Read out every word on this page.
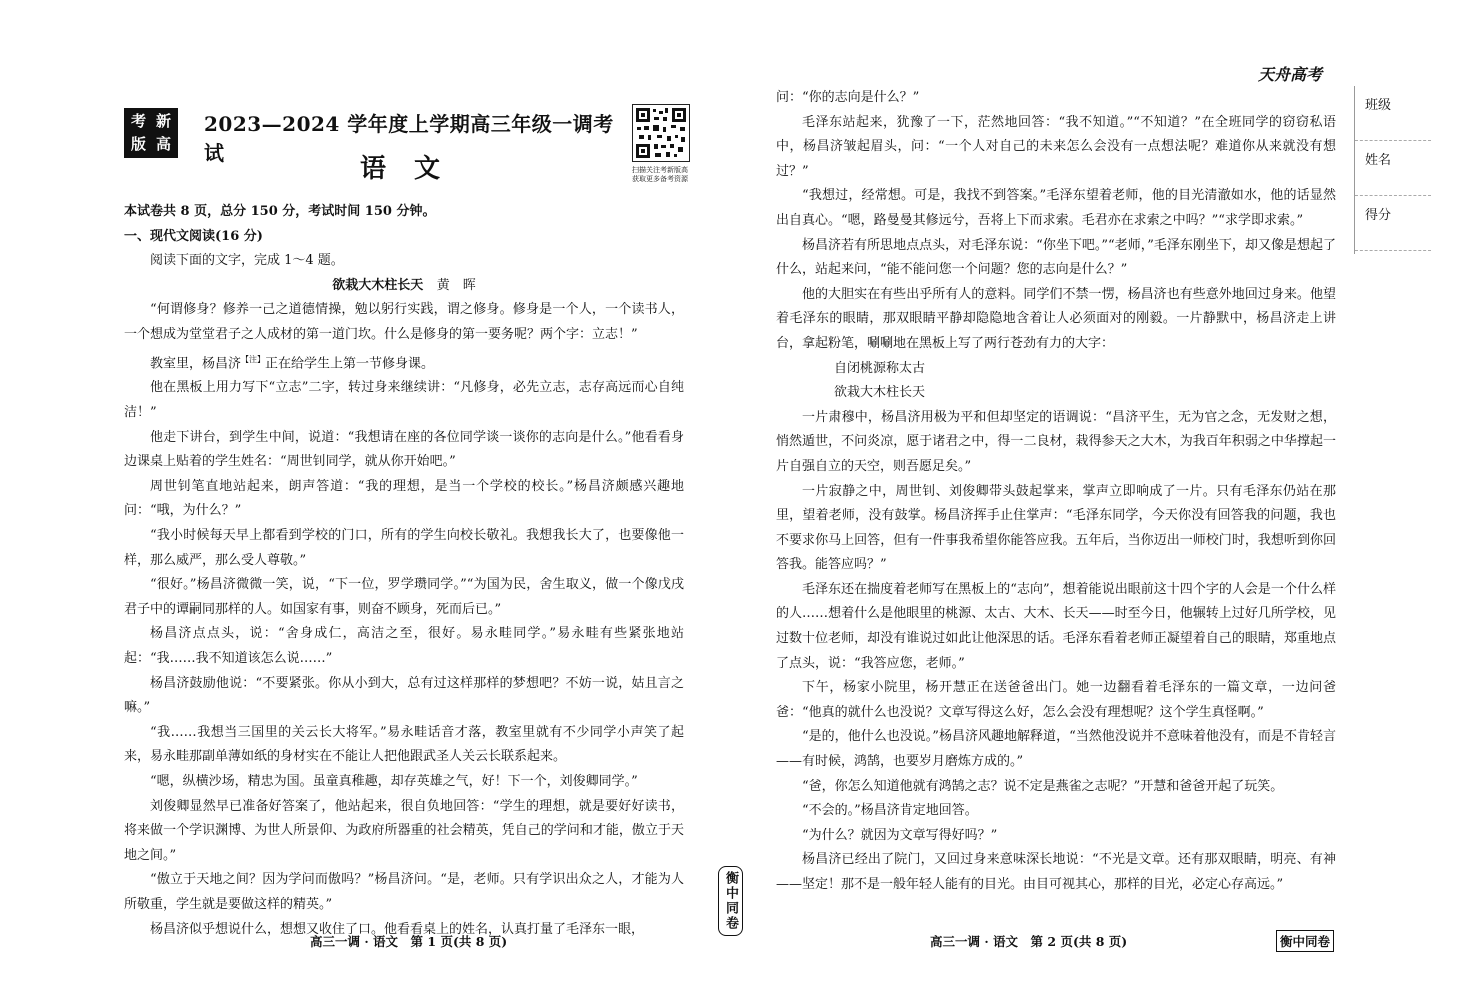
考 新
版 高
2023—2024 学年度上学期高三年级一调考试
语文	扫描关注考新版高
获取更多备考资源
天舟高考
班级
姓名
得分

本试卷共 8 页，总分 150 分，考试时间 150 分钟。

一、现代文阅读(16 分)

阅读下面的文字，完成 1～4 题。

欲栽大木柱长天 黄　晖

“何谓修身？修养一己之道德情操，勉以躬行实践，谓之修身。修身是一个人，一个读书人，一个想成为堂堂君子之人成材的第一道门坎。什么是修身的第一要务呢？两个字：立志！”

教室里，杨昌济$^{【注】}$正在给学生上第一节修身课。

他在黑板上用力写下“立志”二字，转过身来继续讲：“凡修身，必先立志，志存高远而心自纯洁！”

他走下讲台，到学生中间，说道：“我想请在座的各位同学谈一谈你的志向是什么。”他看看身边课桌上贴着的学生姓名：“周世钊同学，就从你开始吧。”

周世钊笔直地站起来，朗声答道：“我的理想，是当一个学校的校长。”杨昌济颇感兴趣地问：“哦，为什么？”

“我小时候每天早上都看到学校的门口，所有的学生向校长敬礼。我想我长大了，也要像他一样，那么威严，那么受人尊敬。”

“很好。”杨昌济微微一笑，说，“下一位，罗学瓒同学。”“为国为民，舍生取义，做一个像戊戌君子中的谭嗣同那样的人。如国家有事，则奋不顾身，死而后已。”

杨昌济点点头，说：“舍身成仁，高洁之至，很好。易永畦同学。”易永畦有些紧张地站起：“我……我不知道该怎么说……”

杨昌济鼓励他说：“不要紧张。你从小到大，总有过这样那样的梦想吧？不妨一说，姑且言之嘛。”

“我……我想当三国里的关云长大将军。”易永畦话音才落，教室里就有不少同学小声笑了起来，易永畦那副单薄如纸的身材实在不能让人把他跟武圣人关云长联系起来。

“嗯，纵横沙场，精忠为国。虽童真稚趣，却存英雄之气，好！下一个，刘俊卿同学。”

刘俊卿显然早已准备好答案了，他站起来，很自负地回答：“学生的理想，就是要好好读书，将来做一个学识渊博、为世人所景仰、为政府所器重的社会精英，凭自己的学问和才能，傲立于天地之间。”

“傲立于天地之间？因为学问而傲吗？”杨昌济问。“是，老师。只有学识出众之人，才能为人所敬重，学生就是要做这样的精英。”

杨昌济似乎想说什么，想想又收住了口。他看看桌上的姓名，认真打量了毛泽东一眼，

高三一调 · 语文　第 1 页(共 8 页)
衡中同卷

问：“你的志向是什么？”

毛泽东站起来，犹豫了一下，茫然地回答：“我不知道。”“不知道？”在全班同学的窃窃私语中，杨昌济皱起眉头，问：“一个人对自己的未来怎么会没有一点想法呢？难道你从来就没有想过？”

“我想过，经常想。可是，我找不到答案。”毛泽东望着老师，他的目光清澈如水，他的话显然出自真心。“嗯，路曼曼其修远兮，吾将上下而求索。毛君亦在求索之中吗？”“求学即求索。”

杨昌济若有所思地点点头，对毛泽东说：“你坐下吧。”“老师，”毛泽东刚坐下，却又像是想起了什么，站起来问，“能不能问您一个问题？您的志向是什么？”

他的大胆实在有些出乎所有人的意料。同学们不禁一愣，杨昌济也有些意外地回过身来。他望着毛泽东的眼睛，那双眼睛平静却隐隐地含着让人必须面对的刚毅。一片静默中，杨昌济走上讲台，拿起粉笔，唰唰地在黑板上写了两行苍劲有力的大字：

自闭桃源称太古

欲栽大木柱长天

一片肃穆中，杨昌济用极为平和但却坚定的语调说：“昌济平生，无为官之念，无发财之想，悄然遁世，不问炎凉，愿于诸君之中，得一二良材，栽得参天之大木，为我百年积弱之中华撑起一片自强自立的天空，则吾愿足矣。”

一片寂静之中，周世钊、刘俊卿带头鼓起掌来，掌声立即响成了一片。只有毛泽东仍站在那里，望着老师，没有鼓掌。杨昌济挥手止住掌声：“毛泽东同学，今天你没有回答我的问题，我也不要求你马上回答，但有一件事我希望你能答应我。五年后，当你迈出一师校门时，我想听到你回答我。能答应吗？”

毛泽东还在揣度着老师写在黑板上的“志向”，想着能说出眼前这十四个字的人会是一个什么样的人……想着什么是他眼里的桃源、太古、大木、长天——时至今日，他辗转上过好几所学校，见过数十位老师，却没有谁说过如此让他深思的话。毛泽东看着老师正凝望着自己的眼睛，郑重地点了点头，说：“我答应您，老师。”

下午，杨家小院里，杨开慧正在送爸爸出门。她一边翻看着毛泽东的一篇文章，一边问爸爸：“他真的就什么也没说？文章写得这么好，怎么会没有理想呢？这个学生真怪啊。”

“是的，他什么也没说。”杨昌济风趣地解释道，“当然他没说并不意味着他没有，而是不肯轻言——有时候，鸿鹄，也要岁月磨炼方成的。”

“爸，你怎么知道他就有鸿鹄之志？说不定是燕雀之志呢？”开慧和爸爸开起了玩笑。

“不会的。”杨昌济肯定地回答。

“为什么？就因为文章写得好吗？”

杨昌济已经出了院门，又回过身来意味深长地说：“不光是文章。还有那双眼睛，明亮、有神——坚定！那不是一般年轻人能有的目光。由目可视其心，那样的目光，必定心存高远。”

高三一调 · 语文　第 2 页(共 8 页)	衡中同卷
